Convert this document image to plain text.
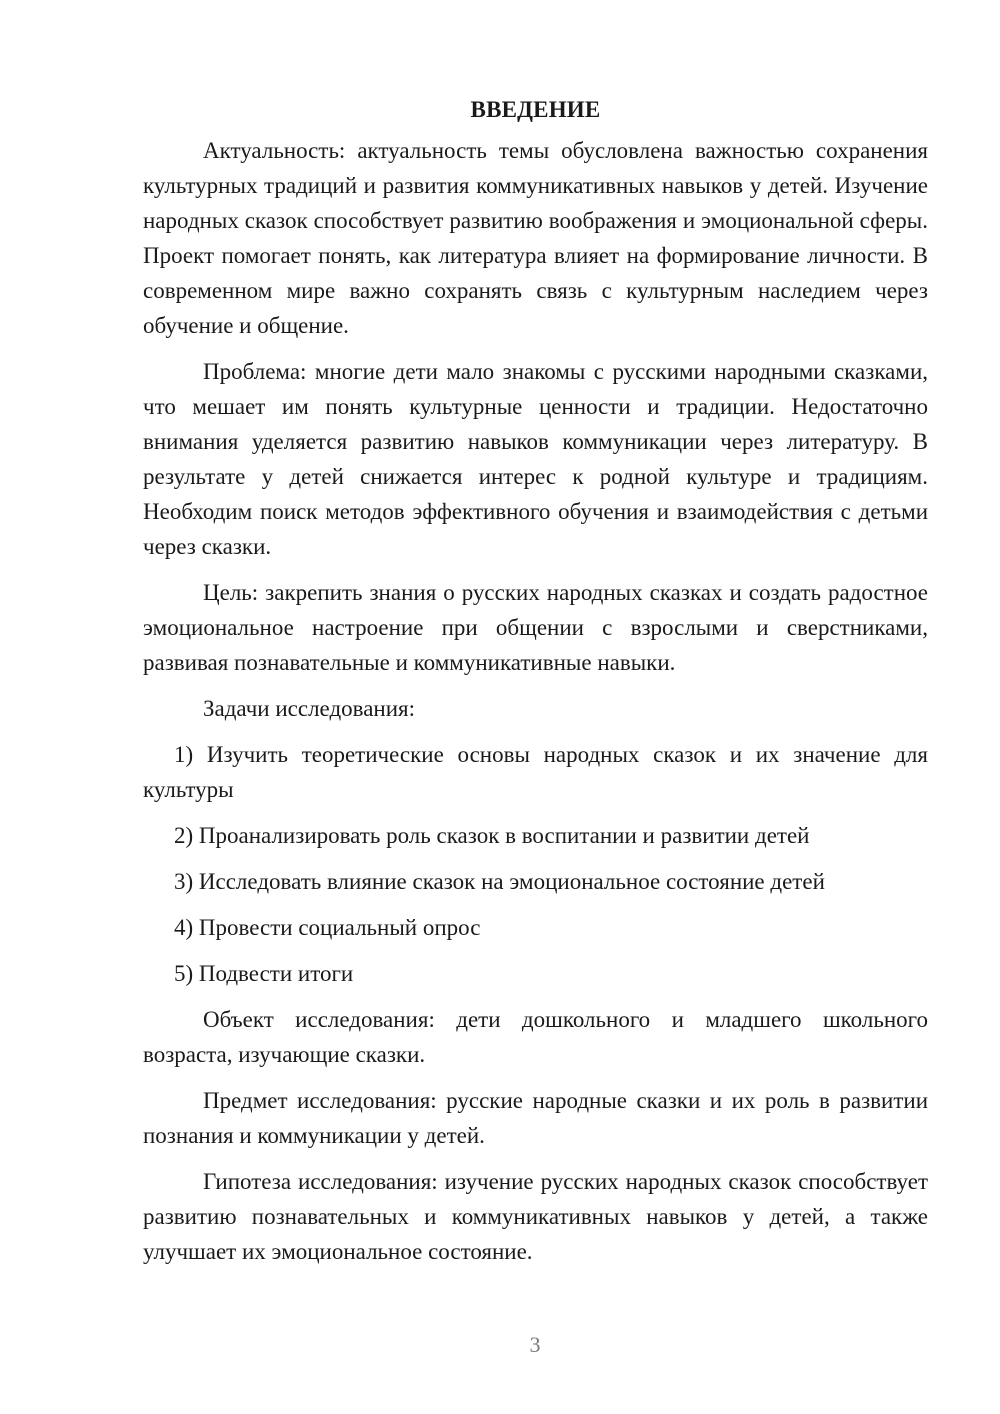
ВВЕДЕНИЕ

Актуальность: актуальность темы обусловлена важностью сохранения культурных традиций и развития коммуникативных навыков у детей. Изучение народных сказок способствует развитию воображения и эмоциональной сферы. Проект помогает понять, как литература влияет на формирование личности. В современном мире важно сохранять связь с культурным наследием через обучение и общение.

Проблема: многие дети мало знакомы с русскими народными сказками, что мешает им понять культурные ценности и традиции. Недостаточно внимания уделяется развитию навыков коммуникации через литературу. В результате у детей снижается интерес к родной культуре и традициям. Необходим поиск методов эффективного обучения и взаимодействия с детьми через сказки.

Цель: закрепить знания о русских народных сказках и создать радостное эмоциональное настроение при общении с взрослыми и сверстниками, развивая познавательные и коммуникативные навыки.

Задачи исследования:

1) Изучить теоретические основы народных сказок и их значение для культуры

2) Проанализировать роль сказок в воспитании и развитии детей

3) Исследовать влияние сказок на эмоциональное состояние детей

4) Провести социальный опрос

5) Подвести итоги

Объект исследования: дети дошкольного и младшего школьного возраста, изучающие сказки.

Предмет исследования: русские народные сказки и их роль в развитии познания и коммуникации у детей.

Гипотеза исследования: изучение русских народных сказок способствует развитию познавательных и коммуникативных навыков у детей, а также улучшает их эмоциональное состояние.

3
